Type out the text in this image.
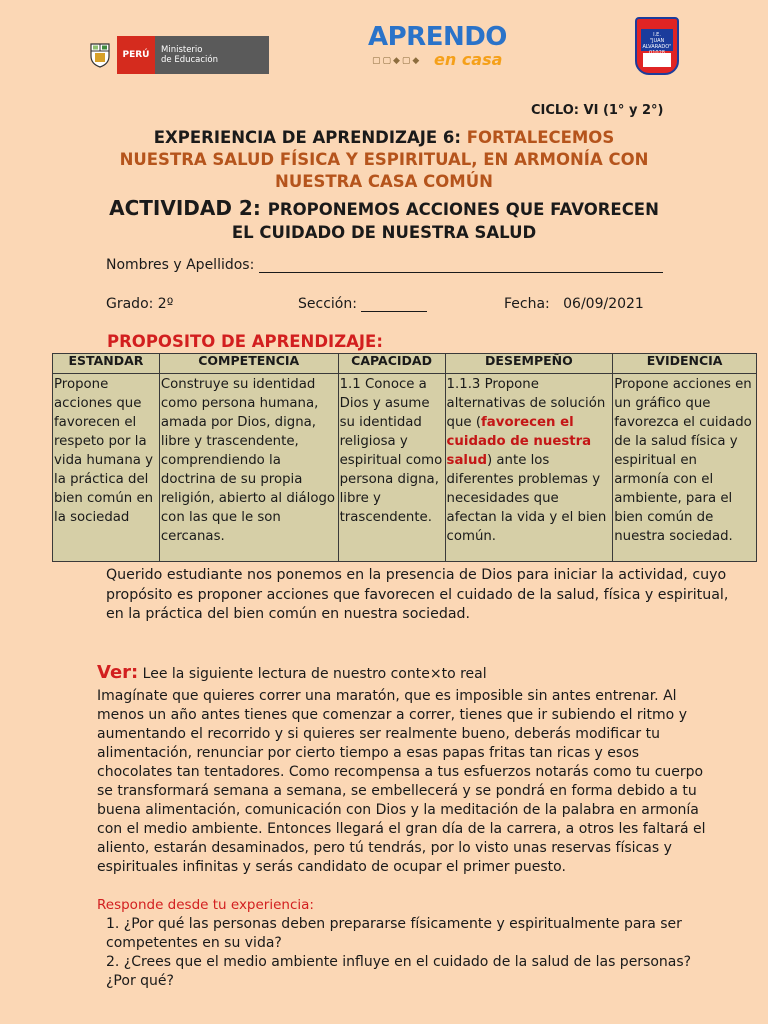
PERÚ	Ministerio
de Educación
APRENDO
▢▢◆▢◆ en casa
I.E.
"JUAN ALVARADO"
CICLO: VI (1° y 2°)
EXPERIENCIA DE APRENDIZAJE 6: FORTALECEMOS
NUESTRA SALUD FÍSICA Y ESPIRITUAL, EN ARMONÍA CON
NUESTRA CASA COMÚN
ACTIVIDAD 2: PROPONEMOS ACCIONES QUE FAVORECEN
EL CUIDADO DE NUESTRA SALUD
Nombres y Apellidos:
Grado: 2º	Sección:	Fecha: 06/09/2021
PROPOSITO DE APRENDIZAJE:
ESTANDAR	COMPETENCIA	CAPACIDAD	DESEMPEÑO	EVIDENCIA
Propone acciones que favorecen el respeto por la vida humana y la práctica del bien común en la sociedad	Construye su identidad como persona humana, amada por Dios, digna, libre y trascendente, comprendiendo la doctrina de su propia religión, abierto al diálogo con las que le son cercanas.	1.1 Conoce a Dios y asume su identidad religiosa y espiritual como persona digna, libre y trascendente.	1.1.3 Propone alternativas de solución que (favorecen el cuidado de nuestra salud) ante los diferentes problemas y necesidades que afectan la vida y el bien común.	Propone acciones en un gráfico que favorezca el cuidado de la salud física y espiritual en armonía con el ambiente, para el bien común de nuestra sociedad.
Querido estudiante nos ponemos en la presencia de Dios para iniciar la actividad, cuyo propósito es proponer acciones que favorecen el cuidado de la salud, física y espiritual, en la práctica del bien común en nuestra sociedad.
Ver: Lee la siguiente lectura de nuestro conte×to real
Imagínate que quieres correr una maratón, que es imposible sin antes entrenar. Al menos un año antes tienes que comenzar a correr, tienes que ir subiendo el ritmo y aumentando el recorrido y si quieres ser realmente bueno, deberás modificar tu alimentación, renunciar por cierto tiempo a esas papas fritas tan ricas y esos chocolates tan tentadores. Como recompensa a tus esfuerzos notarás como tu cuerpo se transformará semana a semana, se embellecerá y se pondrá en forma debido a tu buena alimentación, comunicación con Dios y la meditación de la palabra en armonía con el medio ambiente. Entonces llegará el gran día de la carrera, a otros les faltará el aliento, estarán desaminados, pero tú tendrás, por lo visto unas reservas físicas y espirituales infinitas y serás candidato de ocupar el primer puesto.
Responde desde tu experiencia:
1. ¿Por qué las personas deben prepararse físicamente y espiritualmente para ser competentes en su vida?
2. ¿Crees que el medio ambiente influye en el cuidado de la salud de las personas? ¿Por qué?
